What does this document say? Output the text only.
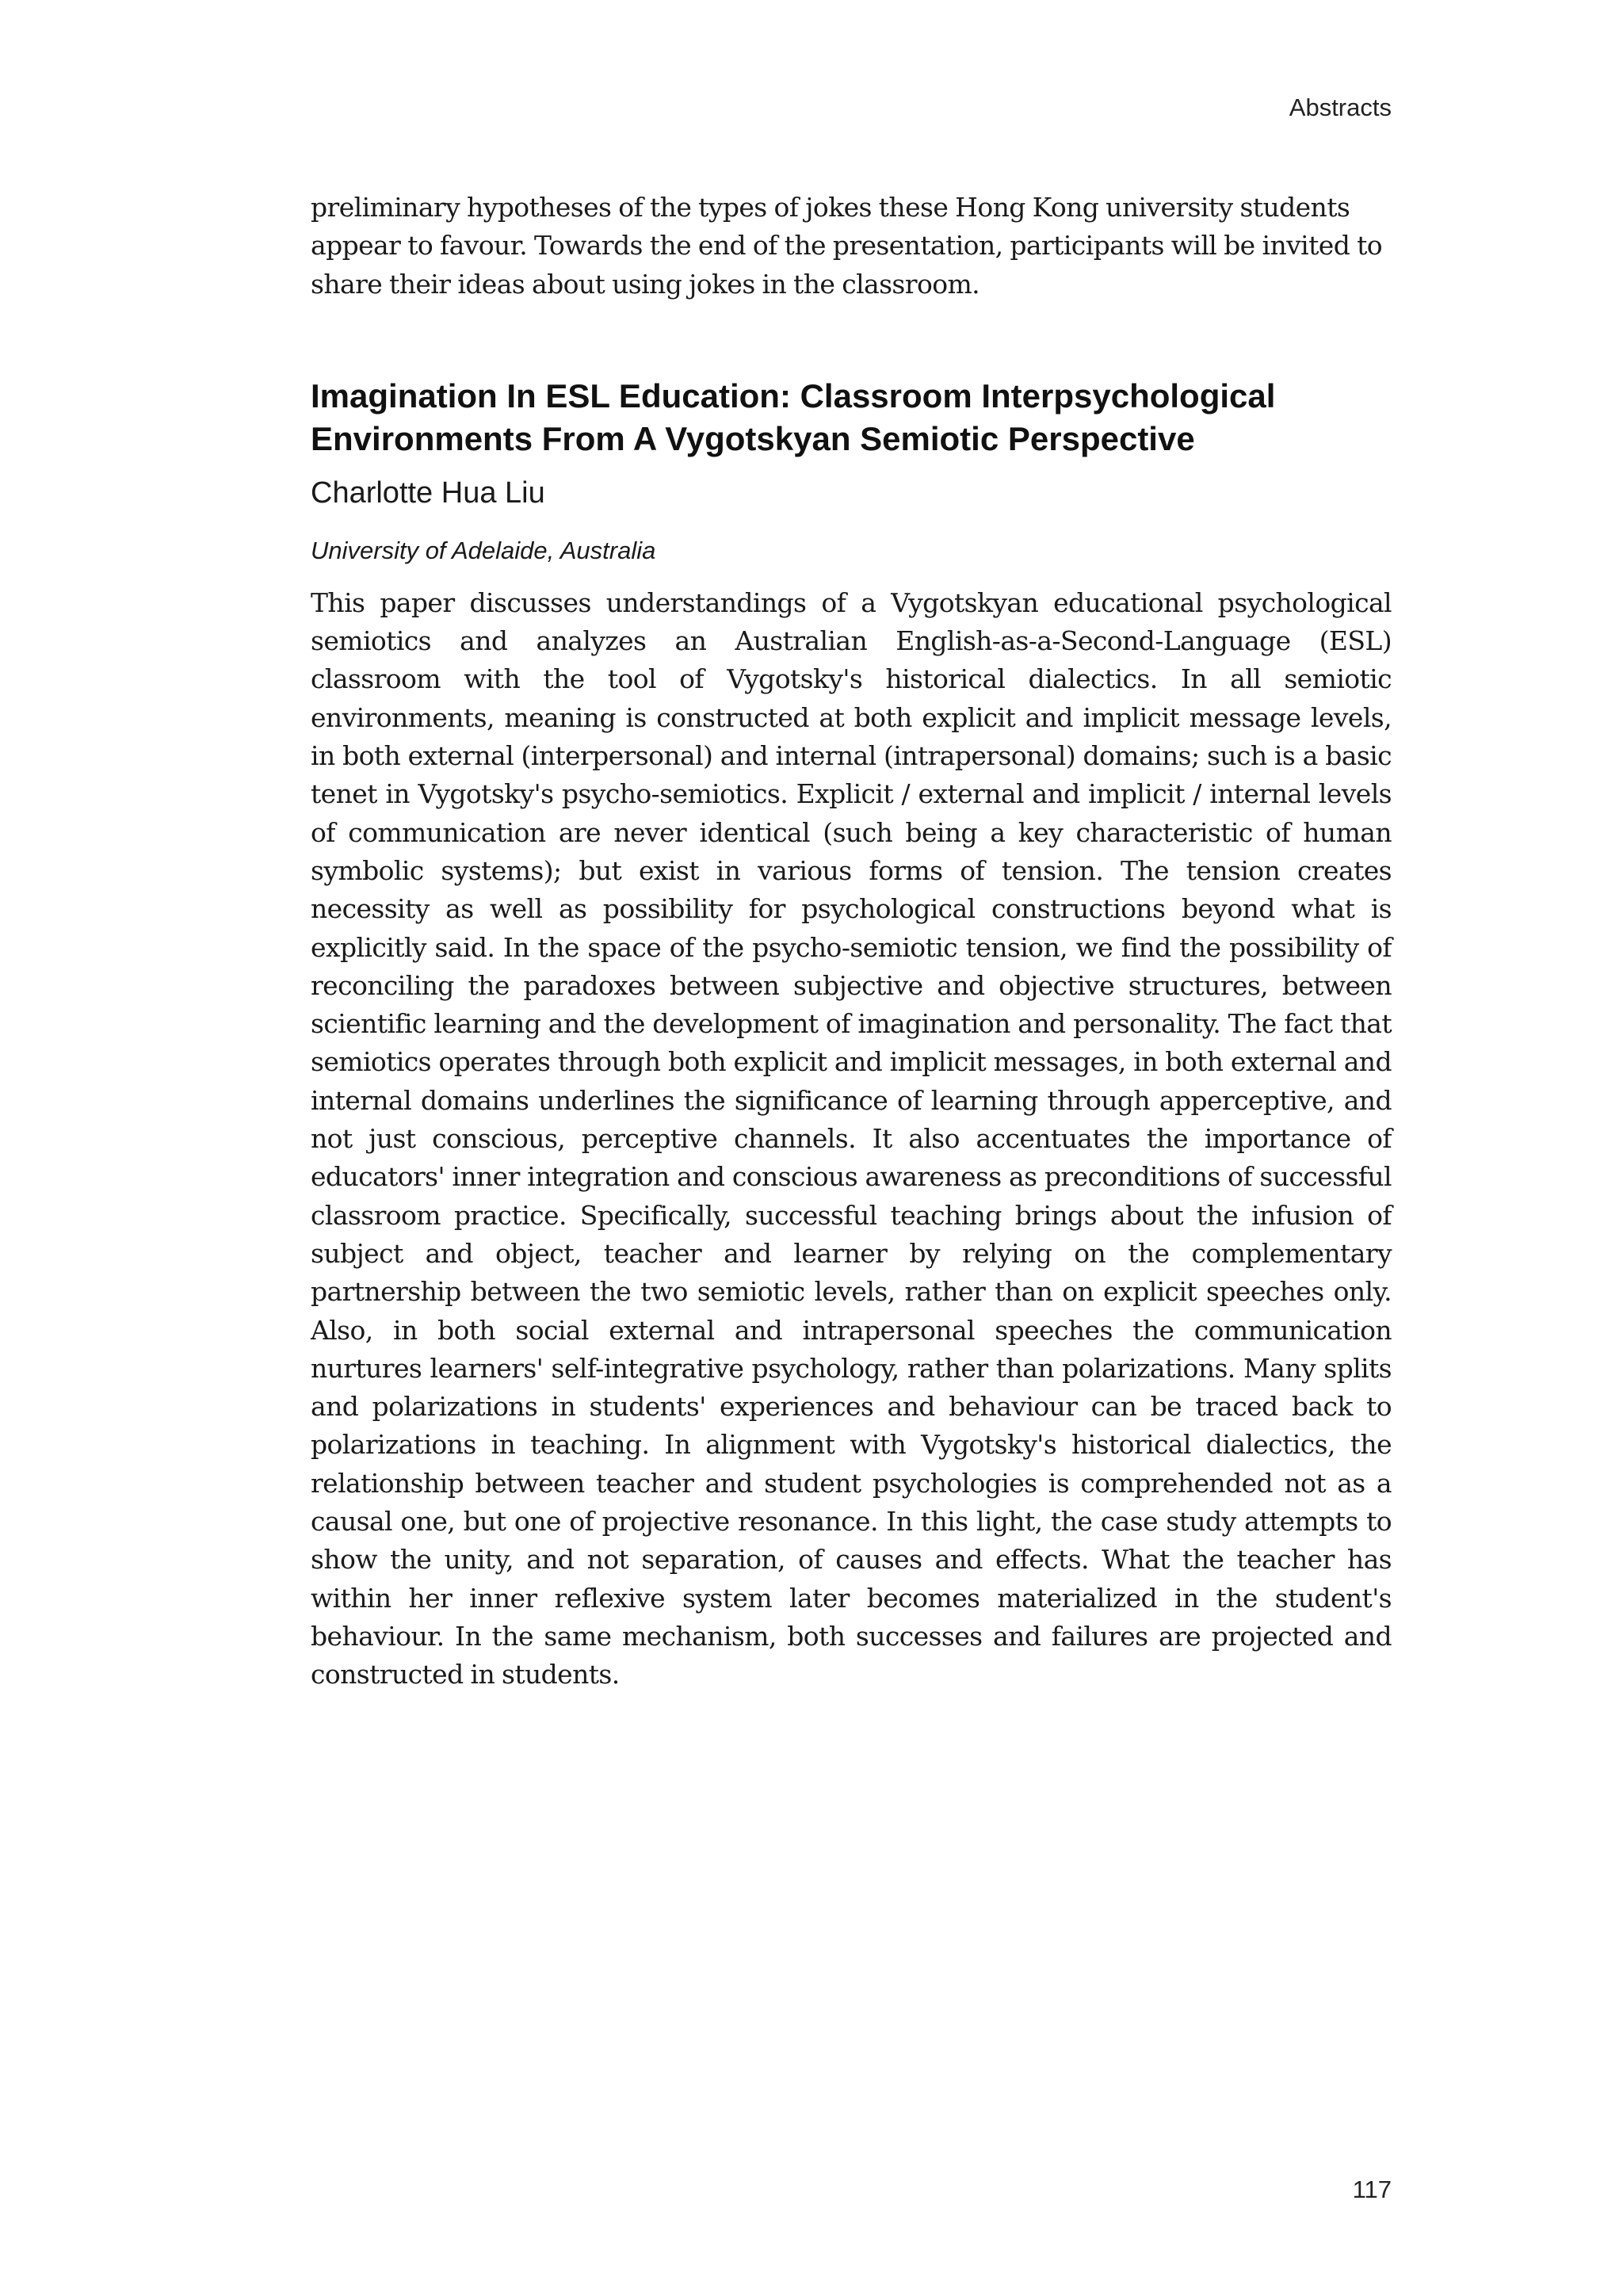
Abstracts

preliminary hypotheses of the types of jokes these Hong Kong university students appear to favour. Towards the end of the presentation, participants will be invited to share their ideas about using jokes in the classroom.

Imagination In ESL Education: Classroom Interpsychological Environments From A Vygotskyan Semiotic Perspective
Charlotte Hua Liu
University of Adelaide, Australia

This paper discusses understandings of a Vygotskyan educational psychological semiotics and analyzes an Australian English-as-a-Second-Language (ESL) classroom with the tool of Vygotsky's historical dialectics. In all semiotic environments, meaning is constructed at both explicit and implicit message levels, in both external (interpersonal) and internal (intrapersonal) domains; such is a basic tenet in Vygotsky's psycho-semiotics. Explicit / external and implicit / internal levels of communication are never identical (such being a key characteristic of human symbolic systems); but exist in various forms of tension. The tension creates necessity as well as possibility for psychological constructions beyond what is explicitly said. In the space of the psycho-semiotic tension, we find the possibility of reconciling the paradoxes between subjective and objective structures, between scientific learning and the development of imagination and personality. The fact that semiotics operates through both explicit and implicit messages, in both external and internal domains underlines the significance of learning through apperceptive, and not just conscious, perceptive channels. It also accentuates the importance of educators' inner integration and conscious awareness as preconditions of successful classroom practice. Specifically, successful teaching brings about the infusion of subject and object, teacher and learner by relying on the complementary partnership between the two semiotic levels, rather than on explicit speeches only. Also, in both social external and intrapersonal speeches the communication nurtures learners' self-integrative psychology, rather than polarizations. Many splits and polarizations in students' experiences and behaviour can be traced back to polarizations in teaching. In alignment with Vygotsky's historical dialectics, the relationship between teacher and student psychologies is comprehended not as a causal one, but one of projective resonance. In this light, the case study attempts to show the unity, and not separation, of causes and effects. What the teacher has within her inner reflexive system later becomes materialized in the student's behaviour. In the same mechanism, both successes and failures are projected and constructed in students.

117
